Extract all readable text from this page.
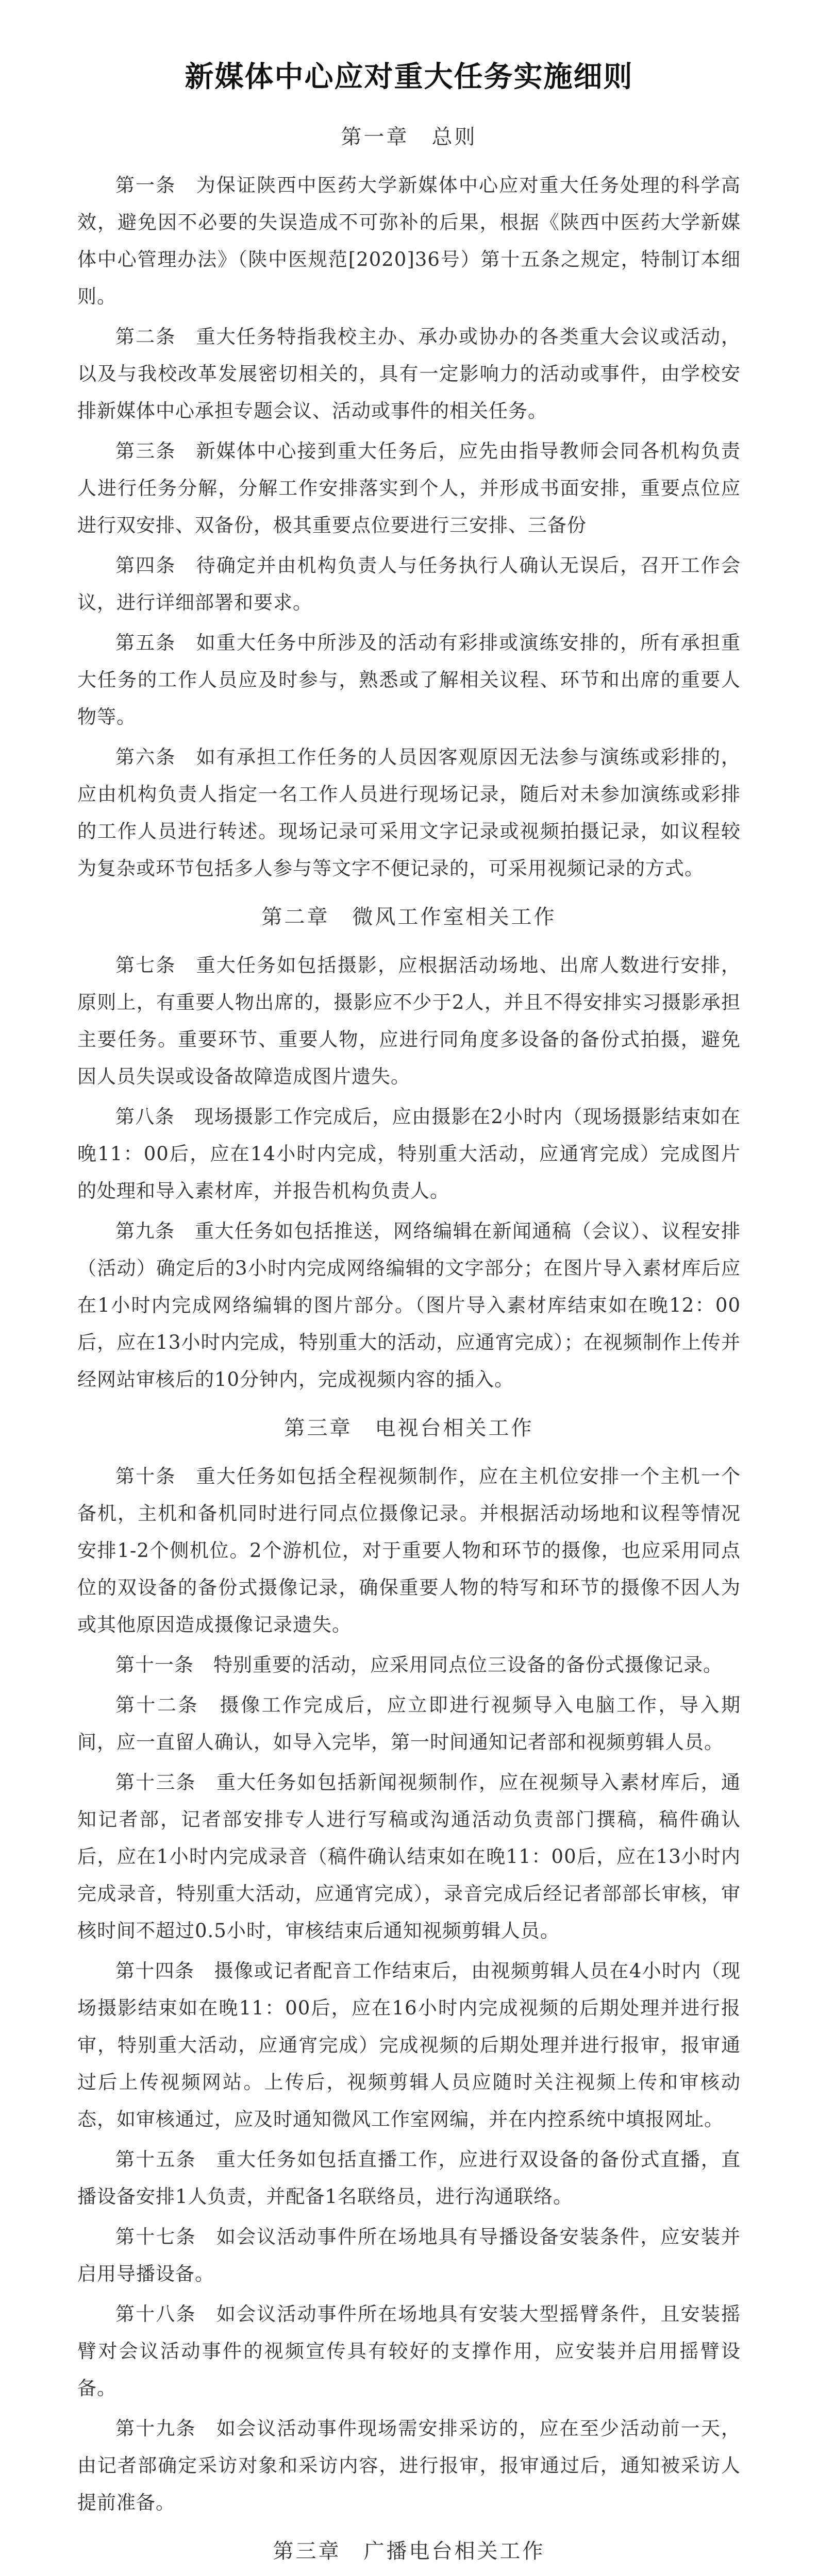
新媒体中心应对重大任务实施细则
第一章　总则

第一条　为保证陕西中医药大学新媒体中心应对重大任务处理的科学高效，避免因不必要的失误造成不可弥补的后果，根据《陕西中医药大学新媒体中心管理办法》（陕中医规范[2020]36号）第十五条之规定，特制订本细则。

第二条　重大任务特指我校主办、承办或协办的各类重大会议或活动，以及与我校改革发展密切相关的，具有一定影响力的活动或事件，由学校安排新媒体中心承担专题会议、活动或事件的相关任务。

第三条　新媒体中心接到重大任务后，应先由指导教师会同各机构负责人进行任务分解，分解工作安排落实到个人，并形成书面安排，重要点位应进行双安排、双备份，极其重要点位要进行三安排、三备份

第四条　待确定并由机构负责人与任务执行人确认无误后，召开工作会议，进行详细部署和要求。

第五条　如重大任务中所涉及的活动有彩排或演练安排的，所有承担重大任务的工作人员应及时参与，熟悉或了解相关议程、环节和出席的重要人物等。

第六条　如有承担工作任务的人员因客观原因无法参与演练或彩排的，应由机构负责人指定一名工作人员进行现场记录，随后对未参加演练或彩排的工作人员进行转述。现场记录可采用文字记录或视频拍摄记录，如议程较为复杂或环节包括多人参与等文字不便记录的，可采用视频记录的方式。

第二章　微风工作室相关工作

第七条　重大任务如包括摄影，应根据活动场地、出席人数进行安排，原则上，有重要人物出席的，摄影应不少于2人，并且不得安排实习摄影承担主要任务。重要环节、重要人物，应进行同角度多设备的备份式拍摄，避免因人员失误或设备故障造成图片遗失。

第八条　现场摄影工作完成后，应由摄影在2小时内（现场摄影结束如在晚11：00后，应在14小时内完成，特别重大活动，应通宵完成）完成图片的处理和导入素材库，并报告机构负责人。

第九条　重大任务如包括推送，网络编辑在新闻通稿（会议）、议程安排（活动）确定后的3小时内完成网络编辑的文字部分；在图片导入素材库后应在1小时内完成网络编辑的图片部分。（图片导入素材库结束如在晚12：00后，应在13小时内完成，特别重大的活动，应通宵完成）；在视频制作上传并经网站审核后的10分钟内，完成视频内容的插入。

第三章　电视台相关工作

第十条　重大任务如包括全程视频制作，应在主机位安排一个主机一个备机，主机和备机同时进行同点位摄像记录。并根据活动场地和议程等情况安排1-2个侧机位。2个游机位，对于重要人物和环节的摄像，也应采用同点位的双设备的备份式摄像记录，确保重要人物的特写和环节的摄像不因人为或其他原因造成摄像记录遗失。

第十一条　特别重要的活动，应采用同点位三设备的备份式摄像记录。

第十二条　摄像工作完成后，应立即进行视频导入电脑工作，导入期间，应一直留人确认，如导入完毕，第一时间通知记者部和视频剪辑人员。

第十三条　重大任务如包括新闻视频制作，应在视频导入素材库后，通知记者部，记者部安排专人进行写稿或沟通活动负责部门撰稿，稿件确认后，应在1小时内完成录音（稿件确认结束如在晚11：00后，应在13小时内完成录音，特别重大活动，应通宵完成），录音完成后经记者部部长审核，审核时间不超过0.5小时，审核结束后通知视频剪辑人员。

第十四条　摄像或记者配音工作结束后，由视频剪辑人员在4小时内（现场摄影结束如在晚11：00后，应在16小时内完成视频的后期处理并进行报审，特别重大活动，应通宵完成）完成视频的后期处理并进行报审，报审通过后上传视频网站。上传后，视频剪辑人员应随时关注视频上传和审核动态，如审核通过，应及时通知微风工作室网编，并在内控系统中填报网址。

第十五条　重大任务如包括直播工作，应进行双设备的备份式直播，直播设备安排1人负责，并配备1名联络员，进行沟通联络。

第十七条　如会议活动事件所在场地具有导播设备安装条件，应安装并启用导播设备。

第十八条　如会议活动事件所在场地具有安装大型摇臂条件，且安装摇臂对会议活动事件的视频宣传具有较好的支撑作用，应安装并启用摇臂设备。

第十九条　如会议活动事件现场需安排采访的，应在至少活动前一天，由记者部确定采访对象和采访内容，进行报审，报审通过后，通知被采访人提前准备。

第三章　广播电台相关工作
